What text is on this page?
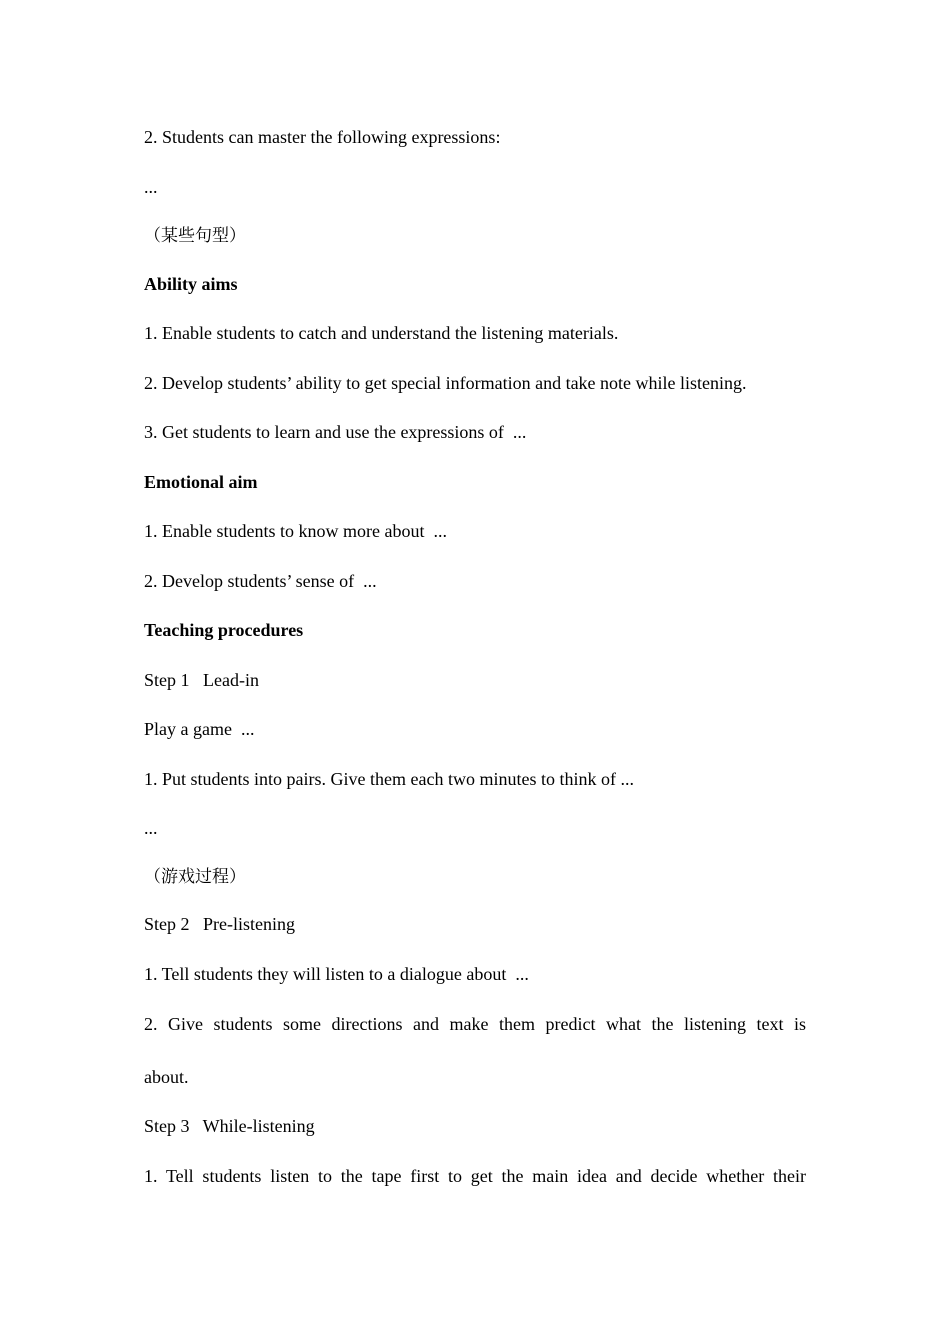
2. Students can master the following expressions:
...
（某些句型）
Ability aims
1. Enable students to catch and understand the listening materials.
2. Develop students’ ability to get special information and take note while listening.
3. Get students to learn and use the expressions of  ...
Emotional aim
1. Enable students to know more about  ...
2. Develop students’ sense of  ...
Teaching procedures
Step 1   Lead-in
Play a game  ...
1. Put students into pairs. Give them each two minutes to think of ...
...
（游戏过程）
Step 2   Pre-listening
1. Tell students they will listen to a dialogue about  ...
2. Give students some directions and make them predict what the listening text is
about.
Step 3   While-listening
1. Tell students listen to the tape first to get the main idea and decide whether their
